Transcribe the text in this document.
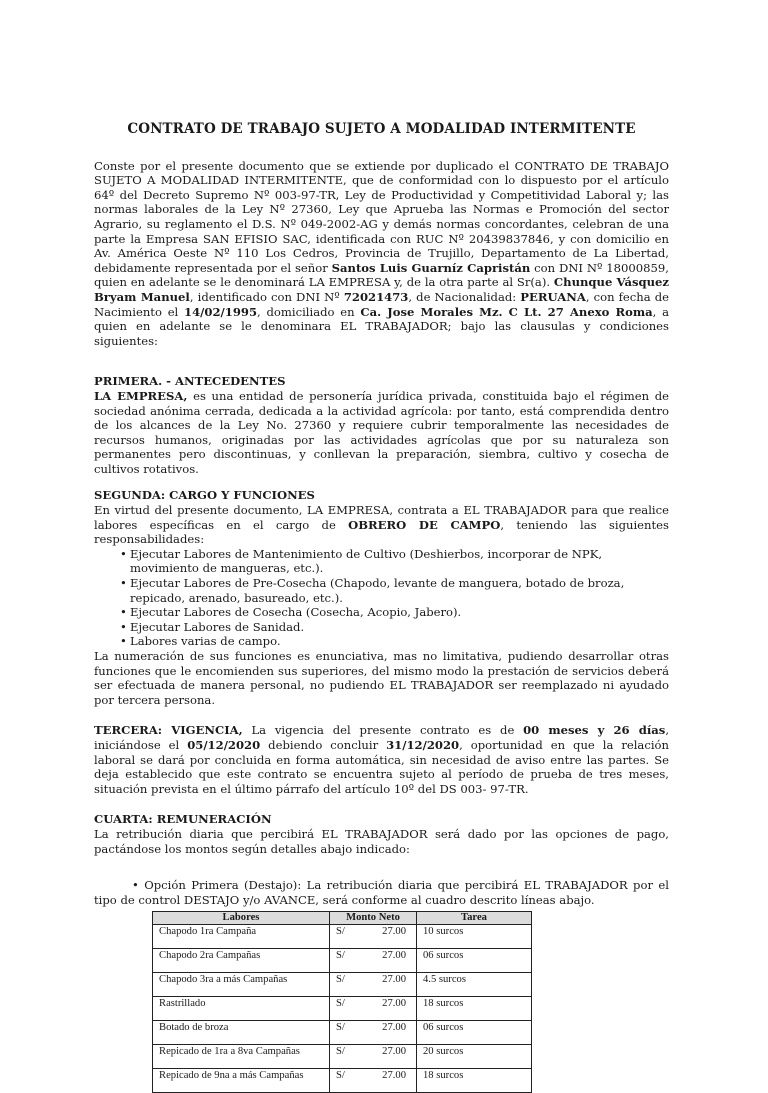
CONTRATO DE TRABAJO SUJETO A MODALIDAD INTERMITENTE

Conste por el presente documento que se extiende por duplicado el CONTRATO DE TRABAJO SUJETO A MODALIDAD INTERMITENTE, que de conformidad con lo dispuesto por el artículo 64º del Decreto Supremo Nº 003-97-TR, Ley de Productividad y Competitividad Laboral y; las normas laborales de la Ley Nº 27360, Ley que Aprueba las Normas e Promoción del sector Agrario, su reglamento el D.S. Nº 049-2002-AG y demás normas concordantes, celebran de una parte la Empresa SAN EFISIO SAC, identificada con RUC Nº 20439837846, y con domicilio en Av. América Oeste Nº 110 Los Cedros, Provincia de Trujillo, Departamento de La Libertad, debidamente representada por el señor Santos Luis Guarníz Capristán con DNI Nº 18000859, quien en adelante se le denominará LA EMPRESA y, de la otra parte al Sr(a). Chunque Vásquez Bryam Manuel, identificado con DNI Nº 72021473, de Nacionalidad: PERUANA, con fecha de Nacimiento el 14/02/1995, domiciliado en Ca. Jose Morales Mz. C Lt. 27 Anexo Roma, a quien en adelante se le denominara EL TRABAJADOR; bajo las clausulas y condiciones siguientes:

PRIMERA. - ANTECEDENTES

LA EMPRESA, es una entidad de personería jurídica privada, constituida bajo el régimen de sociedad anónima cerrada, dedicada a la actividad agrícola: por tanto, está comprendida dentro de los alcances de la Ley No. 27360 y requiere cubrir temporalmente las necesidades de recursos humanos, originadas por las actividades agrícolas que por su naturaleza son permanentes pero discontinuas, y conllevan la preparación, siembra, cultivo y cosecha de cultivos rotativos.

SEGUNDA: CARGO Y FUNCIONES

En virtud del presente documento, LA EMPRESA, contrata a EL TRABAJADOR para que realice labores específicas en el cargo de OBRERO DE CAMPO, teniendo las siguientes responsabilidades:

• Ejecutar Labores de Mantenimiento de Cultivo (Deshierbos, incorporar de NPK, movimiento de mangueras, etc.).
• Ejecutar Labores de Pre-Cosecha (Chapodo, levante de manguera, botado de broza, repicado, arenado, basureado, etc.).
• Ejecutar Labores de Cosecha (Cosecha, Acopio, Jabero).
• Ejecutar Labores de Sanidad.
• Labores varias de campo.

La numeración de sus funciones es enunciativa, mas no limitativa, pudiendo desarrollar otras funciones que le encomienden sus superiores, del mismo modo la prestación de servicios deberá ser efectuada de manera personal, no pudiendo EL TRABAJADOR ser reemplazado ni ayudado por tercera persona.

TERCERA: VIGENCIA, La vigencia del presente contrato es de 00 meses y 26 días, iniciándose el 05/12/2020 debiendo concluir 31/12/2020, oportunidad en que la relación laboral se dará por concluida en forma automática, sin necesidad de aviso entre las partes. Se deja establecido que este contrato se encuentra sujeto al período de prueba de tres meses, situación prevista en el último párrafo del artículo 10º del DS 003- 97-TR.

CUARTA: REMUNERACIÓN

La retribución diaria que percibirá EL TRABAJADOR será dado por las opciones de pago, pactándose los montos según detalles abajo indicado:

• Opción Primera (Destajo): La retribución diaria que percibirá EL TRABAJADOR por el tipo de control DESTAJO y/o AVANCE, será conforme al cuadro descrito líneas abajo.

Labores	Monto Neto	Tarea
Chapodo 1ra Campaña	S/ 27.00	10 surcos
Chapodo 2ra Campañas	S/ 27.00	06 surcos
Chapodo 3ra a más Campañas	S/ 27.00	4.5 surcos
Rastrillado	S/ 27.00	18 surcos
Botado de broza	S/ 27.00	06 surcos
Repicado de 1ra a 8va Campañas	S/ 27.00	20 surcos
Repicado de 9na a más Campañas	S/ 27.00	18 surcos
